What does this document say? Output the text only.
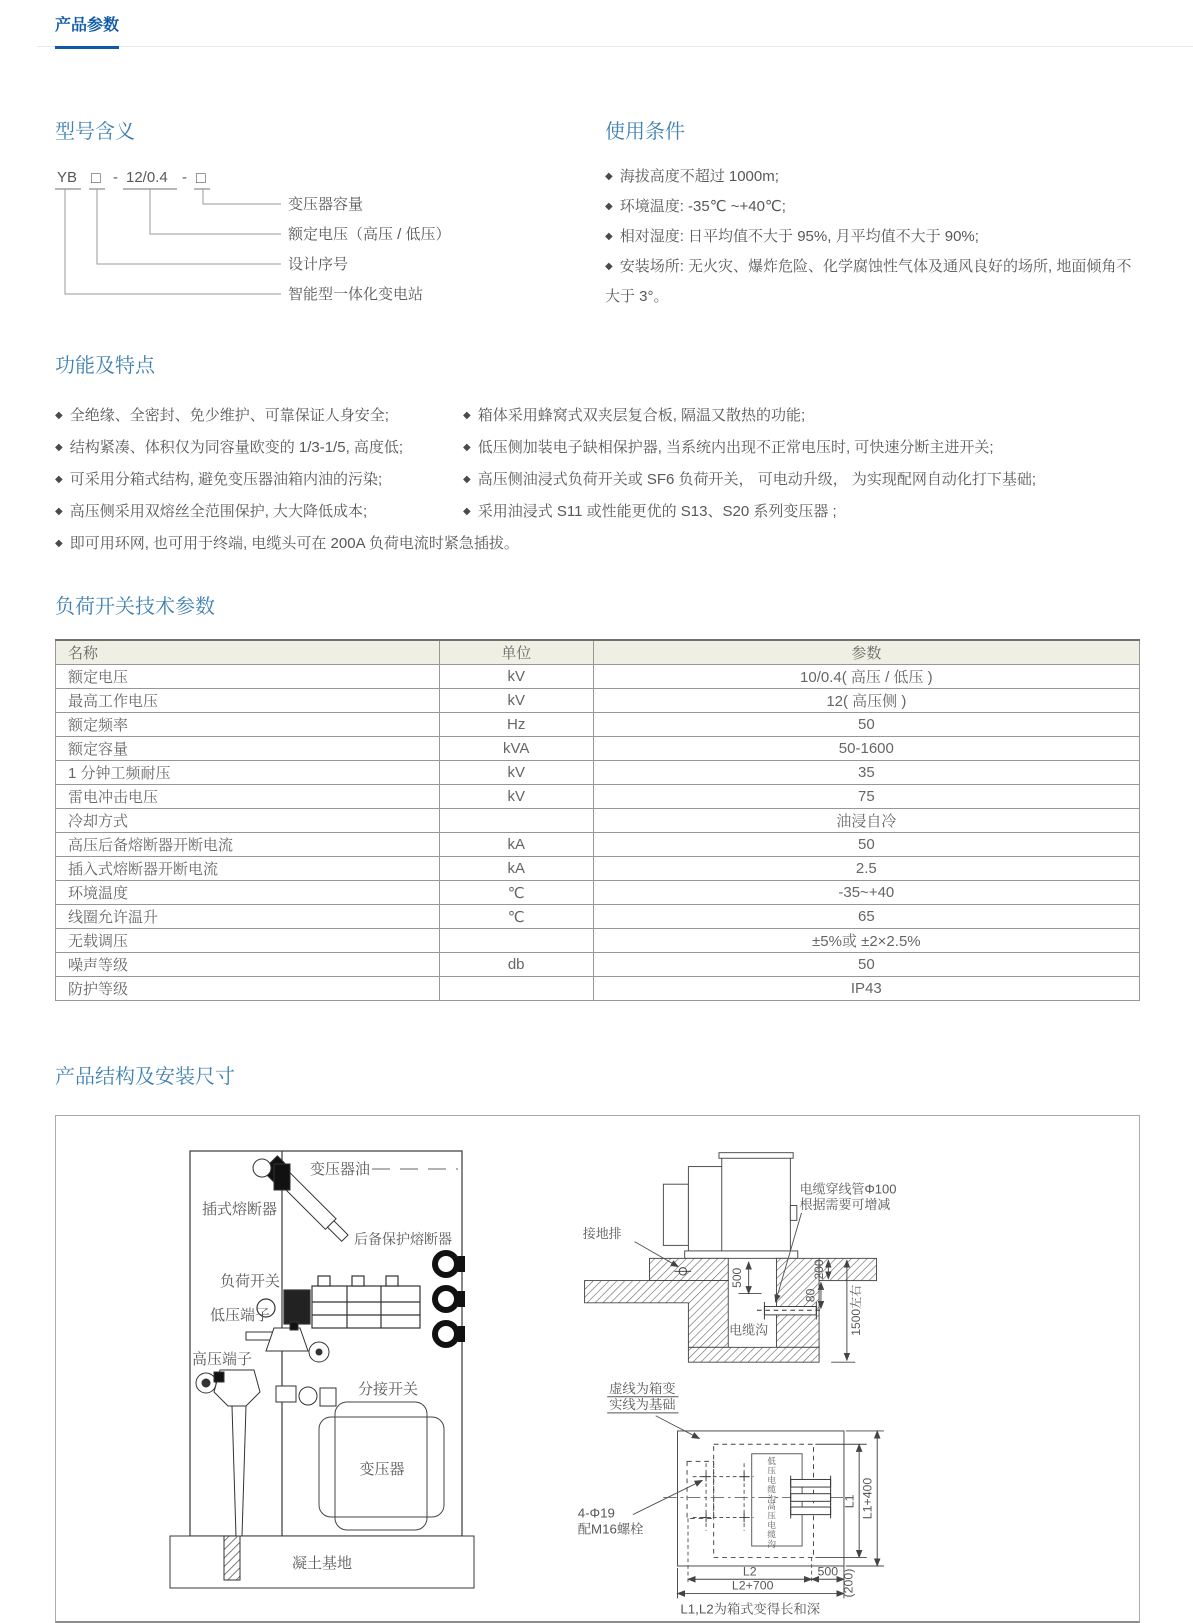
产品参数
型号含义
YB □ - 12/0.4 - □
变压器容量
额定电压（高压 / 低压）
设计序号
智能型一体化变电站
使用条件
◆ 海拔高度不超过 1000m;
◆ 环境温度: -35℃ ~+40℃;
◆ 相对湿度: 日平均值不大于 95%, 月平均值不大于 90%;
◆ 安装场所: 无火灾、爆炸危险、化学腐蚀性气体及通风良好的场所, 地面倾角不大于 3°。
功能及特点
◆ 全绝缘、全密封、免少维护、可靠保证人身安全;	◆ 箱体采用蜂窝式双夹层复合板, 隔温又散热的功能;
◆ 结构紧凑、体积仅为同容量欧变的 1/3-1/5, 高度低;	◆ 低压侧加装电子缺相保护器, 当系统内出现不正常电压时, 可快速分断主进开关;
◆ 可采用分箱式结构, 避免变压器油箱内油的污染;	◆ 高压侧油浸式负荷开关或 SF6 负荷开关， 可电动升级， 为实现配网自动化打下基础;
◆ 高压侧采用双熔丝全范围保护, 大大降低成本;	◆ 采用油浸式 S11 或性能更优的 S13、S20 系列变压器 ;
◆ 即可用环网, 也可用于终端, 电缆头可在 200A 负荷电流时紧急插拔。
负荷开关技术参数
名称	单位	参数
额定电压	kV	10/0.4( 高压 / 低压 )
最高工作电压	kV	12( 高压侧 )
额定频率	Hz	50
额定容量	kVA	50-1600
1 分钟工频耐压	kV	35
雷电冲击电压	kV	75
冷却方式		油浸自冷
高压后备熔断器开断电流	kA	50
插入式熔断器开断电流	kA	2.5
环境温度	℃	-35~+40
线圈允许温升	℃	65
无载调压		±5%或 ±2×2.5%
噪声等级	db	50
防护等级		IP43
产品结构及安装尺寸
变压器油
插式熔断器
后备保护熔断器
负荷开关
低压端子
高压端子
分接开关
变压器
凝土基地
接地排
电缆穿线管Φ100
根据需要可增减
电缆沟
500	200
80 1500左右
虚线为箱变
实线为基础
4-Φ19
配M16螺栓
低压电缆沟
高压电缆沟	L1 L1+400
L2	500 (200)
L2+700
L1,L2为箱式变得长和深
